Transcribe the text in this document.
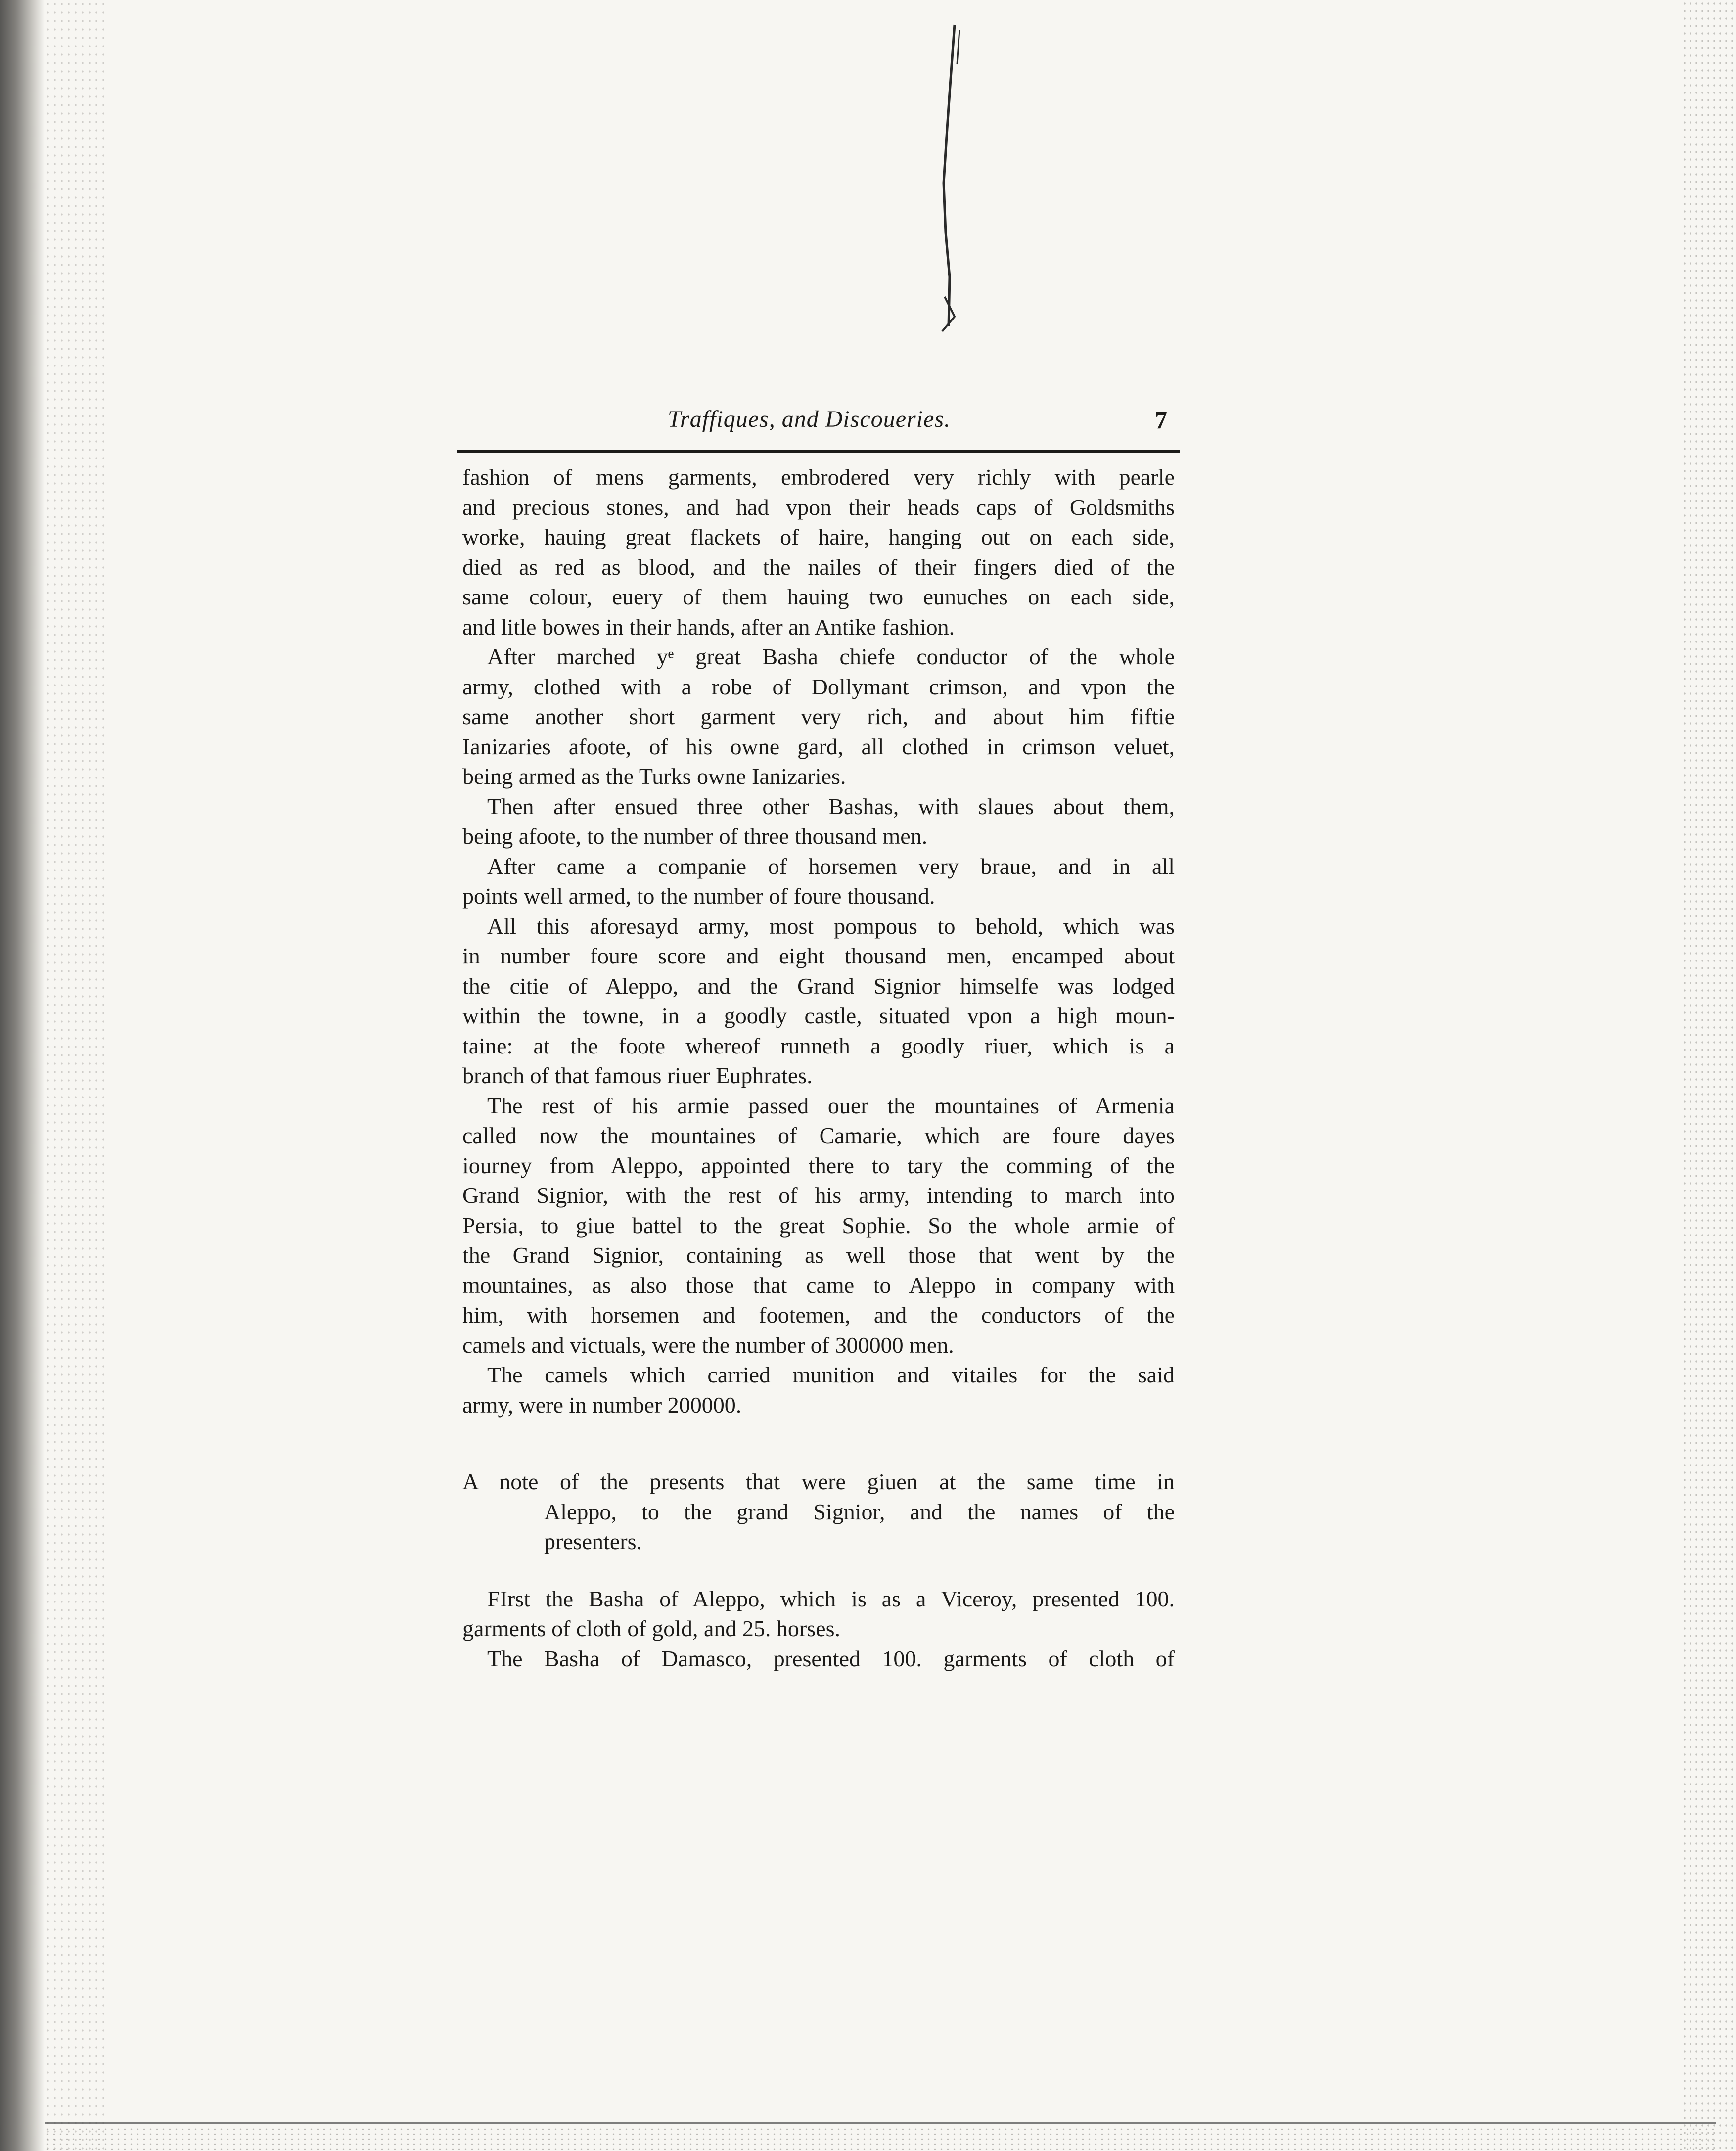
Traffiques, and Discoueries.	7
fashion of mens garments, embrodered very richly with pearle
and precious stones, and had vpon their heads caps of Goldsmiths
worke, hauing great flackets of haire, hanging out on each side,
died as red as blood, and the nailes of their fingers died of the
same colour, euery of them hauing two eunuches on each side,
and litle bowes in their hands, after an Antike fashion.
After marched yᵉ great Basha chiefe conductor of the whole
army, clothed with a robe of Dollymant crimson, and vpon the
same another short garment very rich, and about him fiftie
Ianizaries afoote, of his owne gard, all clothed in crimson veluet,
being armed as the Turks owne Ianizaries.
Then after ensued three other Bashas, with slaues about them,
being afoote, to the number of three thousand men.
After came a companie of horsemen very braue, and in all
points well armed, to the number of foure thousand.
All this aforesayd army, most pompous to behold, which was
in number foure score and eight thousand men, encamped about
the citie of Aleppo, and the Grand Signior himselfe was lodged
within the towne, in a goodly castle, situated vpon a high moun-
taine: at the foote whereof runneth a goodly riuer, which is a
branch of that famous riuer Euphrates.
The rest of his armie passed ouer the mountaines of Armenia
called now the mountaines of Camarie, which are foure dayes
iourney from Aleppo, appointed there to tary the comming of the
Grand Signior, with the rest of his army, intending to march into
Persia, to giue battel to the great Sophie. So the whole armie of
the Grand Signior, containing as well those that went by the
mountaines, as also those that came to Aleppo in company with
him, with horsemen and footemen, and the conductors of the
camels and victuals, were the number of 300000 men.
The camels which carried munition and vitailes for the said
army, were in number 200000.
A note of the presents that were giuen at the same time in
Aleppo, to the grand Signior, and the names of the
presenters.
FIrst the Basha of Aleppo, which is as a Viceroy, presented 100.
garments of cloth of gold, and 25. horses.
The Basha of Damasco, presented 100. garments of cloth of
